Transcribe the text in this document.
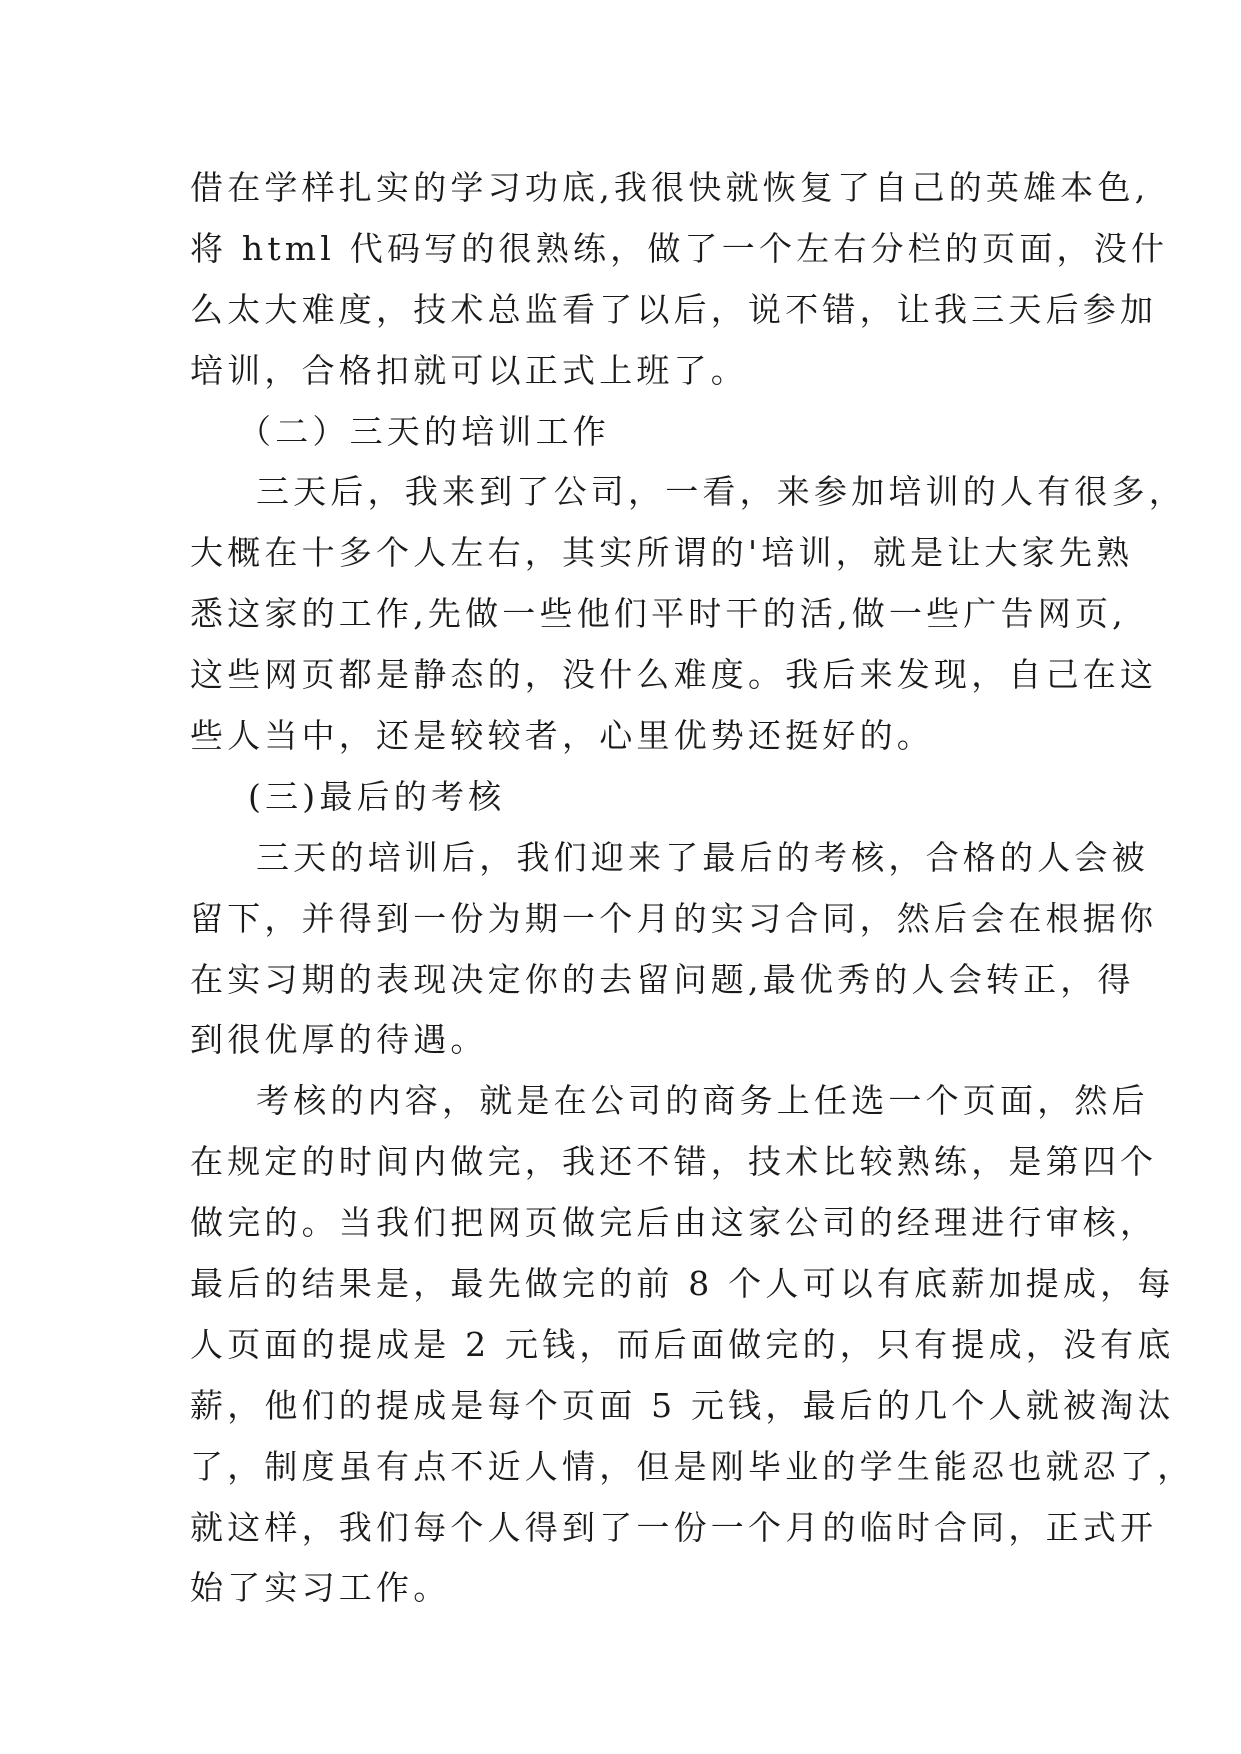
借在学样扎实的学习功底,我很快就恢复了自己的英雄本色,
将 html 代码写的很熟练，做了一个左右分栏的页面，没什
么太大难度，技术总监看了以后，说不错，让我三天后参加
培训，合格扣就可以正式上班了。
（二）三天的培训工作
三天后，我来到了公司，一看，来参加培训的人有很多，
大概在十多个人左右，其实所谓的'培训，就是让大家先熟
悉这家的工作,先做一些他们平时干的活,做一些广告网页,
这些网页都是静态的，没什么难度。我后来发现，自己在这
些人当中，还是较较者，心里优势还挺好的。
(三)最后的考核
三天的培训后，我们迎来了最后的考核，合格的人会被
留下，并得到一份为期一个月的实习合同，然后会在根据你
在实习期的表现决定你的去留问题,最优秀的人会转正，得
到很优厚的待遇。
考核的内容，就是在公司的商务上任选一个页面，然后
在规定的时间内做完，我还不错，技术比较熟练，是第四个
做完的。当我们把网页做完后由这家公司的经理进行审核，
最后的结果是，最先做完的前 8 个人可以有底薪加提成，每
人页面的提成是 2 元钱，而后面做完的，只有提成，没有底
薪，他们的提成是每个页面 5 元钱，最后的几个人就被淘汰
了，制度虽有点不近人情，但是刚毕业的学生能忍也就忍了，
就这样，我们每个人得到了一份一个月的临时合同，正式开
始了实习工作。
